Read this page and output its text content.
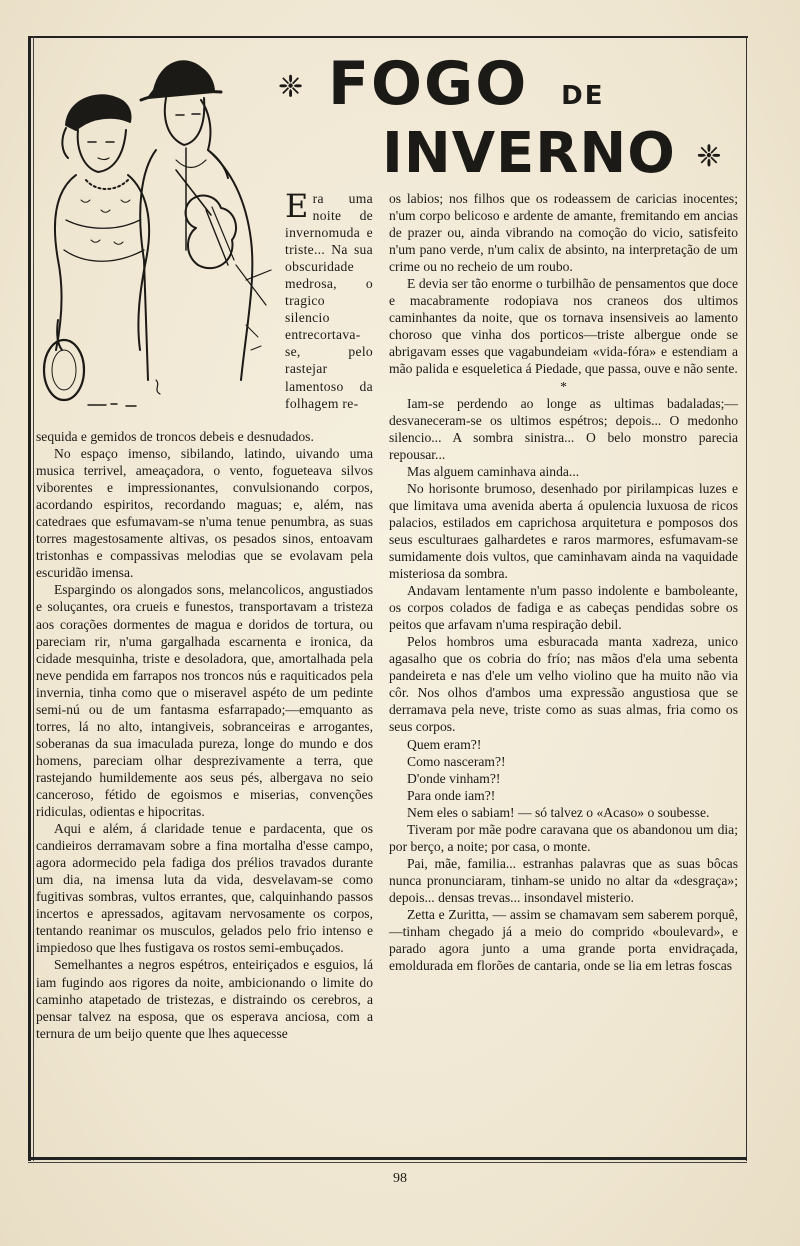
❈ FOGO DE
INVERNO ❈

Era uma noite de invernomuda e triste... Na sua obscuridade medrosa, o tragico silencio entrecortava-se, pelo rastejar lamentoso da folhagem re-

sequida e gemidos de troncos debeis e desnudados.

No espaço imenso, sibilando, latindo, uivando uma musica terrivel, ameaçadora, o vento, fogueteava silvos viborentes e impressionantes, convulsionando corpos, acordando espiritos, recordando maguas; e, além, nas catedraes que esfumavam-se n'uma tenue penumbra, as suas torres magestosamente altivas, os pesados sinos, entoavam tristonhas e compassivas melodias que se evolavam pela escuridão imensa.

Espargindo os alongados sons, melancolicos, angustiados e soluçantes, ora crueis e funestos, transportavam a tristeza aos corações dormentes de magua e doridos de tortura, ou pareciam rir, n'uma gargalhada escarnenta e ironica, da cidade mesquinha, triste e desoladora, que, amortalhada pela neve pendida em farrapos nos troncos nús e raquiticados pela invernia, tinha como que o miseravel aspéto de um pedinte semi-nú ou de um fantasma esfarrapado;—emquanto as torres, lá no alto, intangiveis, sobranceiras e arrogantes, soberanas da sua imaculada pureza, longe do mundo e dos homens, pareciam olhar desprezivamente a terra, que rastejando humildemente aos seus pés, albergava no seio canceroso, fétido de egoismos e miserias, convenções ridiculas, odientas e hipocritas.

Aqui e além, á claridade tenue e pardacenta, que os candieiros derramavam sobre a fina mortalha d'esse campo, agora adormecido pela fadiga dos prélios travados durante um dia, na imensa luta da vida, desvelavam-se como fugitivas sombras, vultos errantes, que, calquinhando passos incertos e apressados, agitavam nervosamente os corpos, tentando reanimar os musculos, gelados pelo frio intenso e impiedoso que lhes fustigava os rostos semi-embuçados.

Semelhantes a negros espétros, enteiriçados e esguios, lá iam fugindo aos rigores da noite, ambicionando o limite do caminho atapetado de tristezas, e distraindo os cerebros, a pensar talvez na esposa, que os esperava anciosa, com a ternura de um beijo quente que lhes aquecesse

os labios; nos filhos que os rodeassem de caricias inocentes; n'um corpo belicoso e ardente de amante, fremitando em ancias de prazer ou, ainda vibrando na comoção do vicio, satisfeito n'um pano verde, n'um calix de absinto, na interpretação de um crime ou no recheio de um roubo.

E devia ser tão enorme o turbilhão de pensamentos que doce e macabramente rodopiava nos craneos dos ultimos caminhantes da noite, que os tornava insensiveis ao lamento choroso que vinha dos porticos—triste albergue onde se abrigavam esses que vagabundeiam «vida-fóra» e estendiam a mão palida e esqueletica á Piedade, que passa, ouve e não sente.

*

Iam-se perdendo ao longe as ultimas badaladas;—desvaneceram-se os ultimos espétros; depois... O medonho silencio... A sombra sinistra... O belo monstro parecia repousar...

Mas alguem caminhava ainda...

No horisonte brumoso, desenhado por pirilampicas luzes e que limitava uma avenida aberta á opulencia luxuosa de ricos palacios, estilados em caprichosa arquitetura e pomposos dos seus esculturaes galhardetes e raros marmores, esfumavam-se sumidamente dois vultos, que caminhavam ainda na vaquidade misteriosa da sombra.

Andavam lentamente n'um passo indolente e bamboleante, os corpos colados de fadiga e as cabeças pendidas sobre os peitos que arfavam n'uma respiração debil.

Pelos hombros uma esburacada manta xadreza, unico agasalho que os cobria do frío; nas mãos d'ela uma sebenta pandeireta e nas d'ele um velho violino que ha muito não via côr. Nos olhos d'ambos uma expressão angustiosa que se derramava pela neve, triste como as suas almas, fria como os seus corpos.

Quem eram?!

Como nasceram?!

D'onde vinham?!

Para onde iam?!

Nem eles o sabiam! — só talvez o «Acaso» o soubesse.

Tiveram por mãe podre caravana que os abandonou um dia; por berço, a noite; por casa, o monte.

Pai, mãe, familia... estranhas palavras que as suas bôcas nunca pronunciaram, tinham-se unido no altar da «desgraça»; depois... densas trevas... insondavel misterio.

Zetta e Zuritta, — assim se chamavam sem saberem porquê,—tinham chegado já a meio do comprido «boulevard», e parado agora junto a uma grande porta envidraçada, emoldurada em florões de cantaria, onde se lia em letras foscas

98
